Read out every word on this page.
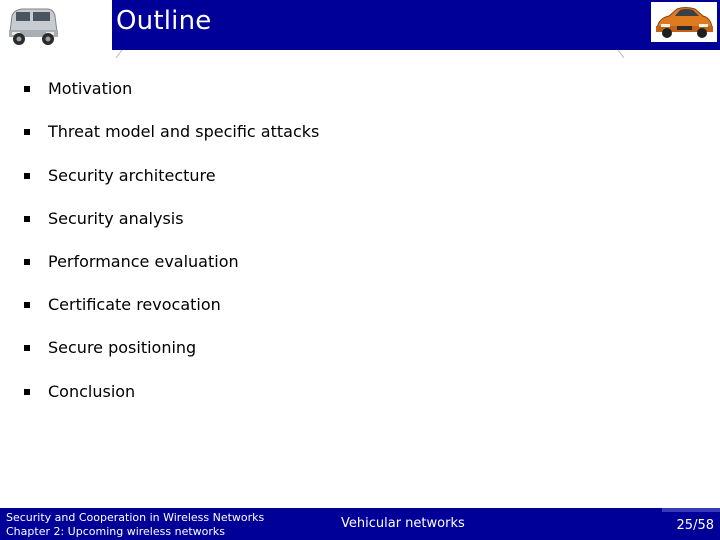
Outline
Motivation
Threat model and specific attacks
Security architecture
Security analysis
Performance evaluation
Certificate revocation
Secure positioning
Conclusion
Security and Cooperation in Wireless Networks
Chapter 2: Upcoming wireless networks
Vehicular networks	25/58
